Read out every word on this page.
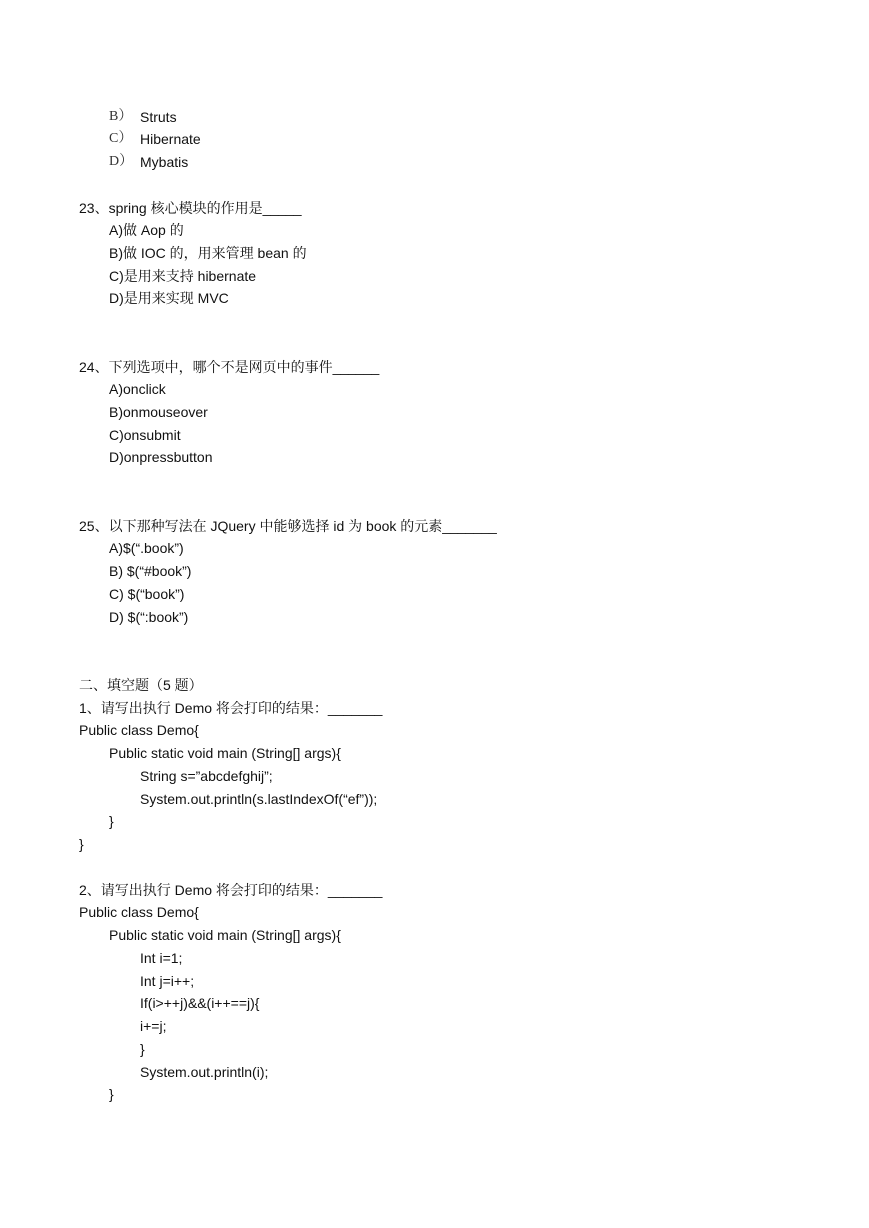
B） Struts
C） Hibernate
D） Mybatis
23、spring 核心模块的作用是_____
A)做 Aop 的
B)做 IOC 的，用来管理 bean 的
C)是用来支持 hibernate
D)是用来实现 MVC
24、下列选项中，哪个不是网页中的事件______
A)onclick
B)onmouseover
C)onsubmit
D)onpressbutton
25、以下那种写法在 JQuery 中能够选择 id 为 book 的元素_______
A)$(“.book”)
B) $(“#book”)
C) $(“book”)
D) $(“:book”)
二、填空题（5 题）
1、请写出执行 Demo 将会打印的结果：_______
Public class Demo{
Public static void main (String[] args){
String s=”abcdefghij”;
System.out.println(s.lastIndexOf(“ef”));
}
}
2、请写出执行 Demo 将会打印的结果：_______
Public class Demo{
Public static void main (String[] args){
Int i=1;
Int j=i++;
If(i>++j)&&(i++==j){
i+=j;
}
System.out.println(i);
}
